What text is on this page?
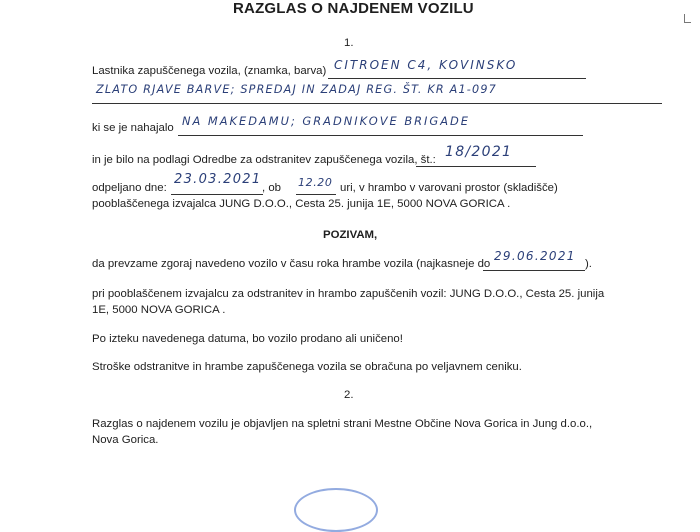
RAZGLAS O NAJDENEM VOZILU
1.
Lastnika zapuščenega vozila, (znamka, barva) CITROEN C4, KOVINSKO
ZLATO RJAVE BARVE; SPREDAJ IN ZADAJ REG. ŠT. KR A1-097
ki se je nahajalo NA MAKEDAMU; GRADNIKOVE BRIGADE
in je bilo na podlagi Odredbe za odstranitev zapuščenega vozila, št.: 18/2021
odpeljano dne:
23.03.2021
, ob 12.20 uri, v hrambo v varovani prostor (skladišče)
pooblaščenega izvajalca JUNG D.O.O., Cesta 25. junija 1E, 5000 NOVA GORICA .
POZIVAM,
da prevzame zgoraj navedeno vozilo v času roka hrambe vozila (najkasneje do
29.06.2021
).
pri pooblaščenem izvajalcu za odstranitev in hrambo zapuščenih vozil: JUNG D.O.O., Cesta 25. junija
1E, 5000 NOVA GORICA .
Po izteku navedenega datuma, bo vozilo prodano ali uničeno!
Stroške odstranitve in hrambe zapuščenega vozila se obračuna po veljavnem ceniku.
2.
Razglas o najdenem vozilu je objavljen na spletni strani Mestne Občine Nova Gorica in Jung d.o.o.,
Nova Gorica.
